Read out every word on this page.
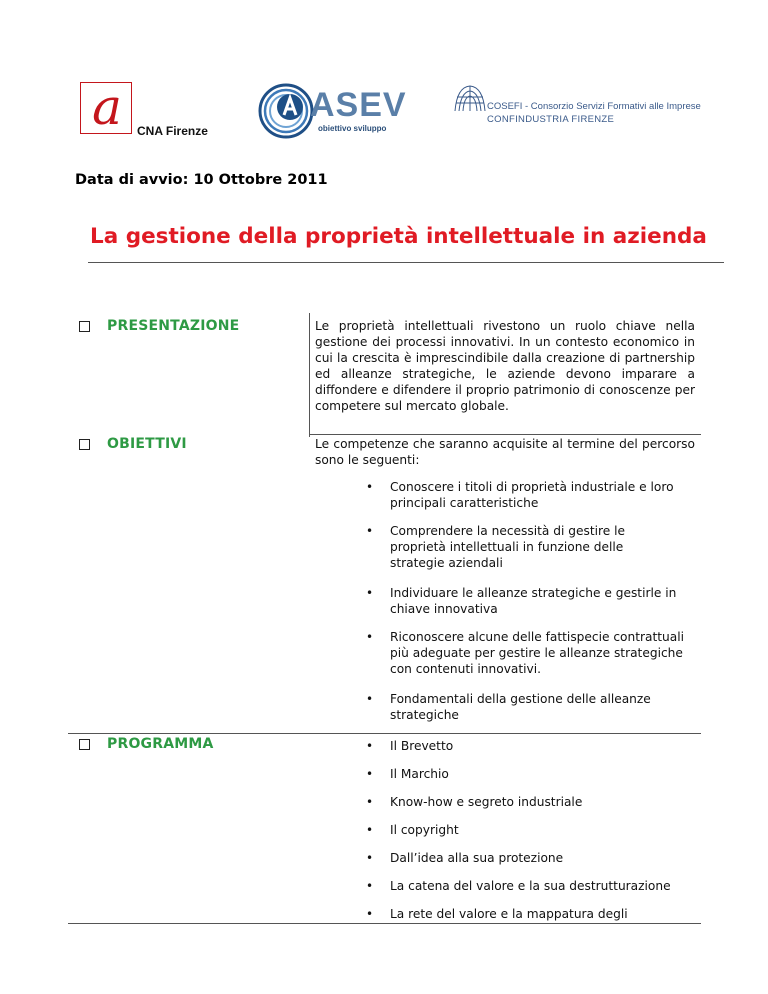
a	CNA Firenze
ASEV
obiettivo sviluppo
COSEFI - Consorzio Servizi Formativi alle Imprese
CONFINDUSTRIA FIRENZE
Data di avvio: 10 Ottobre 2011
La gestione della proprietà intellettuale in azienda
PRESENTAZIONE	Le proprietà intellettuali rivestono un ruolo chiave nella gestione dei processi innovativi. In un contesto economico in cui la crescita è imprescindibile dalla creazione di partnership ed alleanze strategiche, le aziende devono imparare a diffondere e difendere il proprio patrimonio di conoscenze per competere sul mercato globale.
OBIETTIVI	Le competenze che saranno acquisite al termine del percorso sono le seguenti:
• Conoscere i titoli di proprietà industriale e loro principali caratteristiche
• Comprendere la necessità di gestire le proprietà intellettuali in funzione delle strategie aziendali
• Individuare le alleanze strategiche e gestirle in chiave innovativa
• Riconoscere alcune delle fattispecie contrattuali più adeguate per gestire le alleanze strategiche con contenuti innovativi.
• Fondamentali della gestione delle alleanze strategiche
PROGRAMMA	• Il Brevetto
• Il Marchio
• Know-how e segreto industriale
• Il copyright
• Dall’idea alla sua protezione
• La catena del valore e la sua destrutturazione
• La rete del valore e la mappatura degli
